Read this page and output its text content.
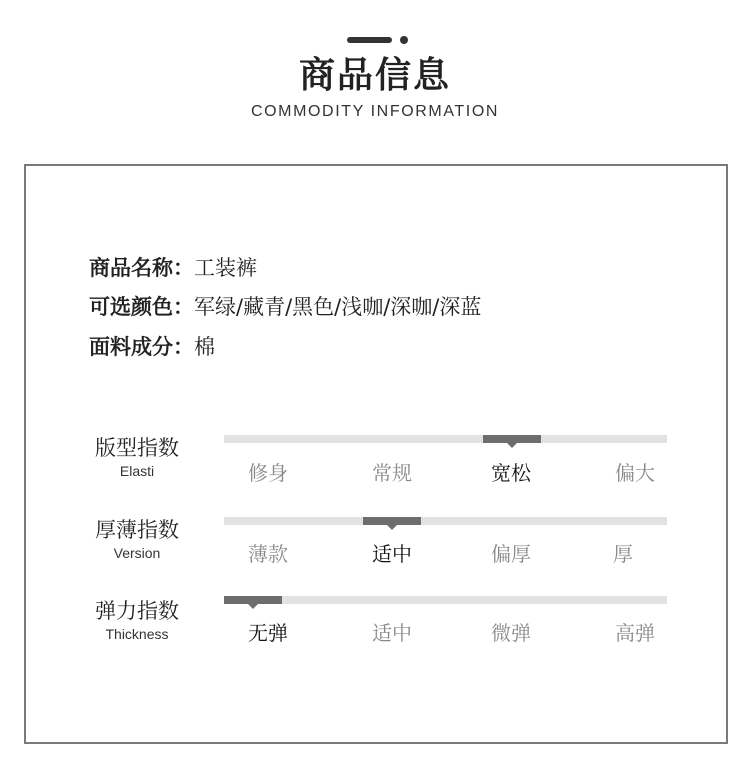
商品信息
COMMODITY INFORMATION
商品名称：工装裤
可选颜色：军绿/藏青/黑色/浅咖/深咖/深蓝
面料成分：棉
版型指数
Elasti	修身	常规	宽松	偏大
厚薄指数
Version	薄款	适中	偏厚	厚
弹力指数
Thickness	无弹	适中	微弹	高弹
